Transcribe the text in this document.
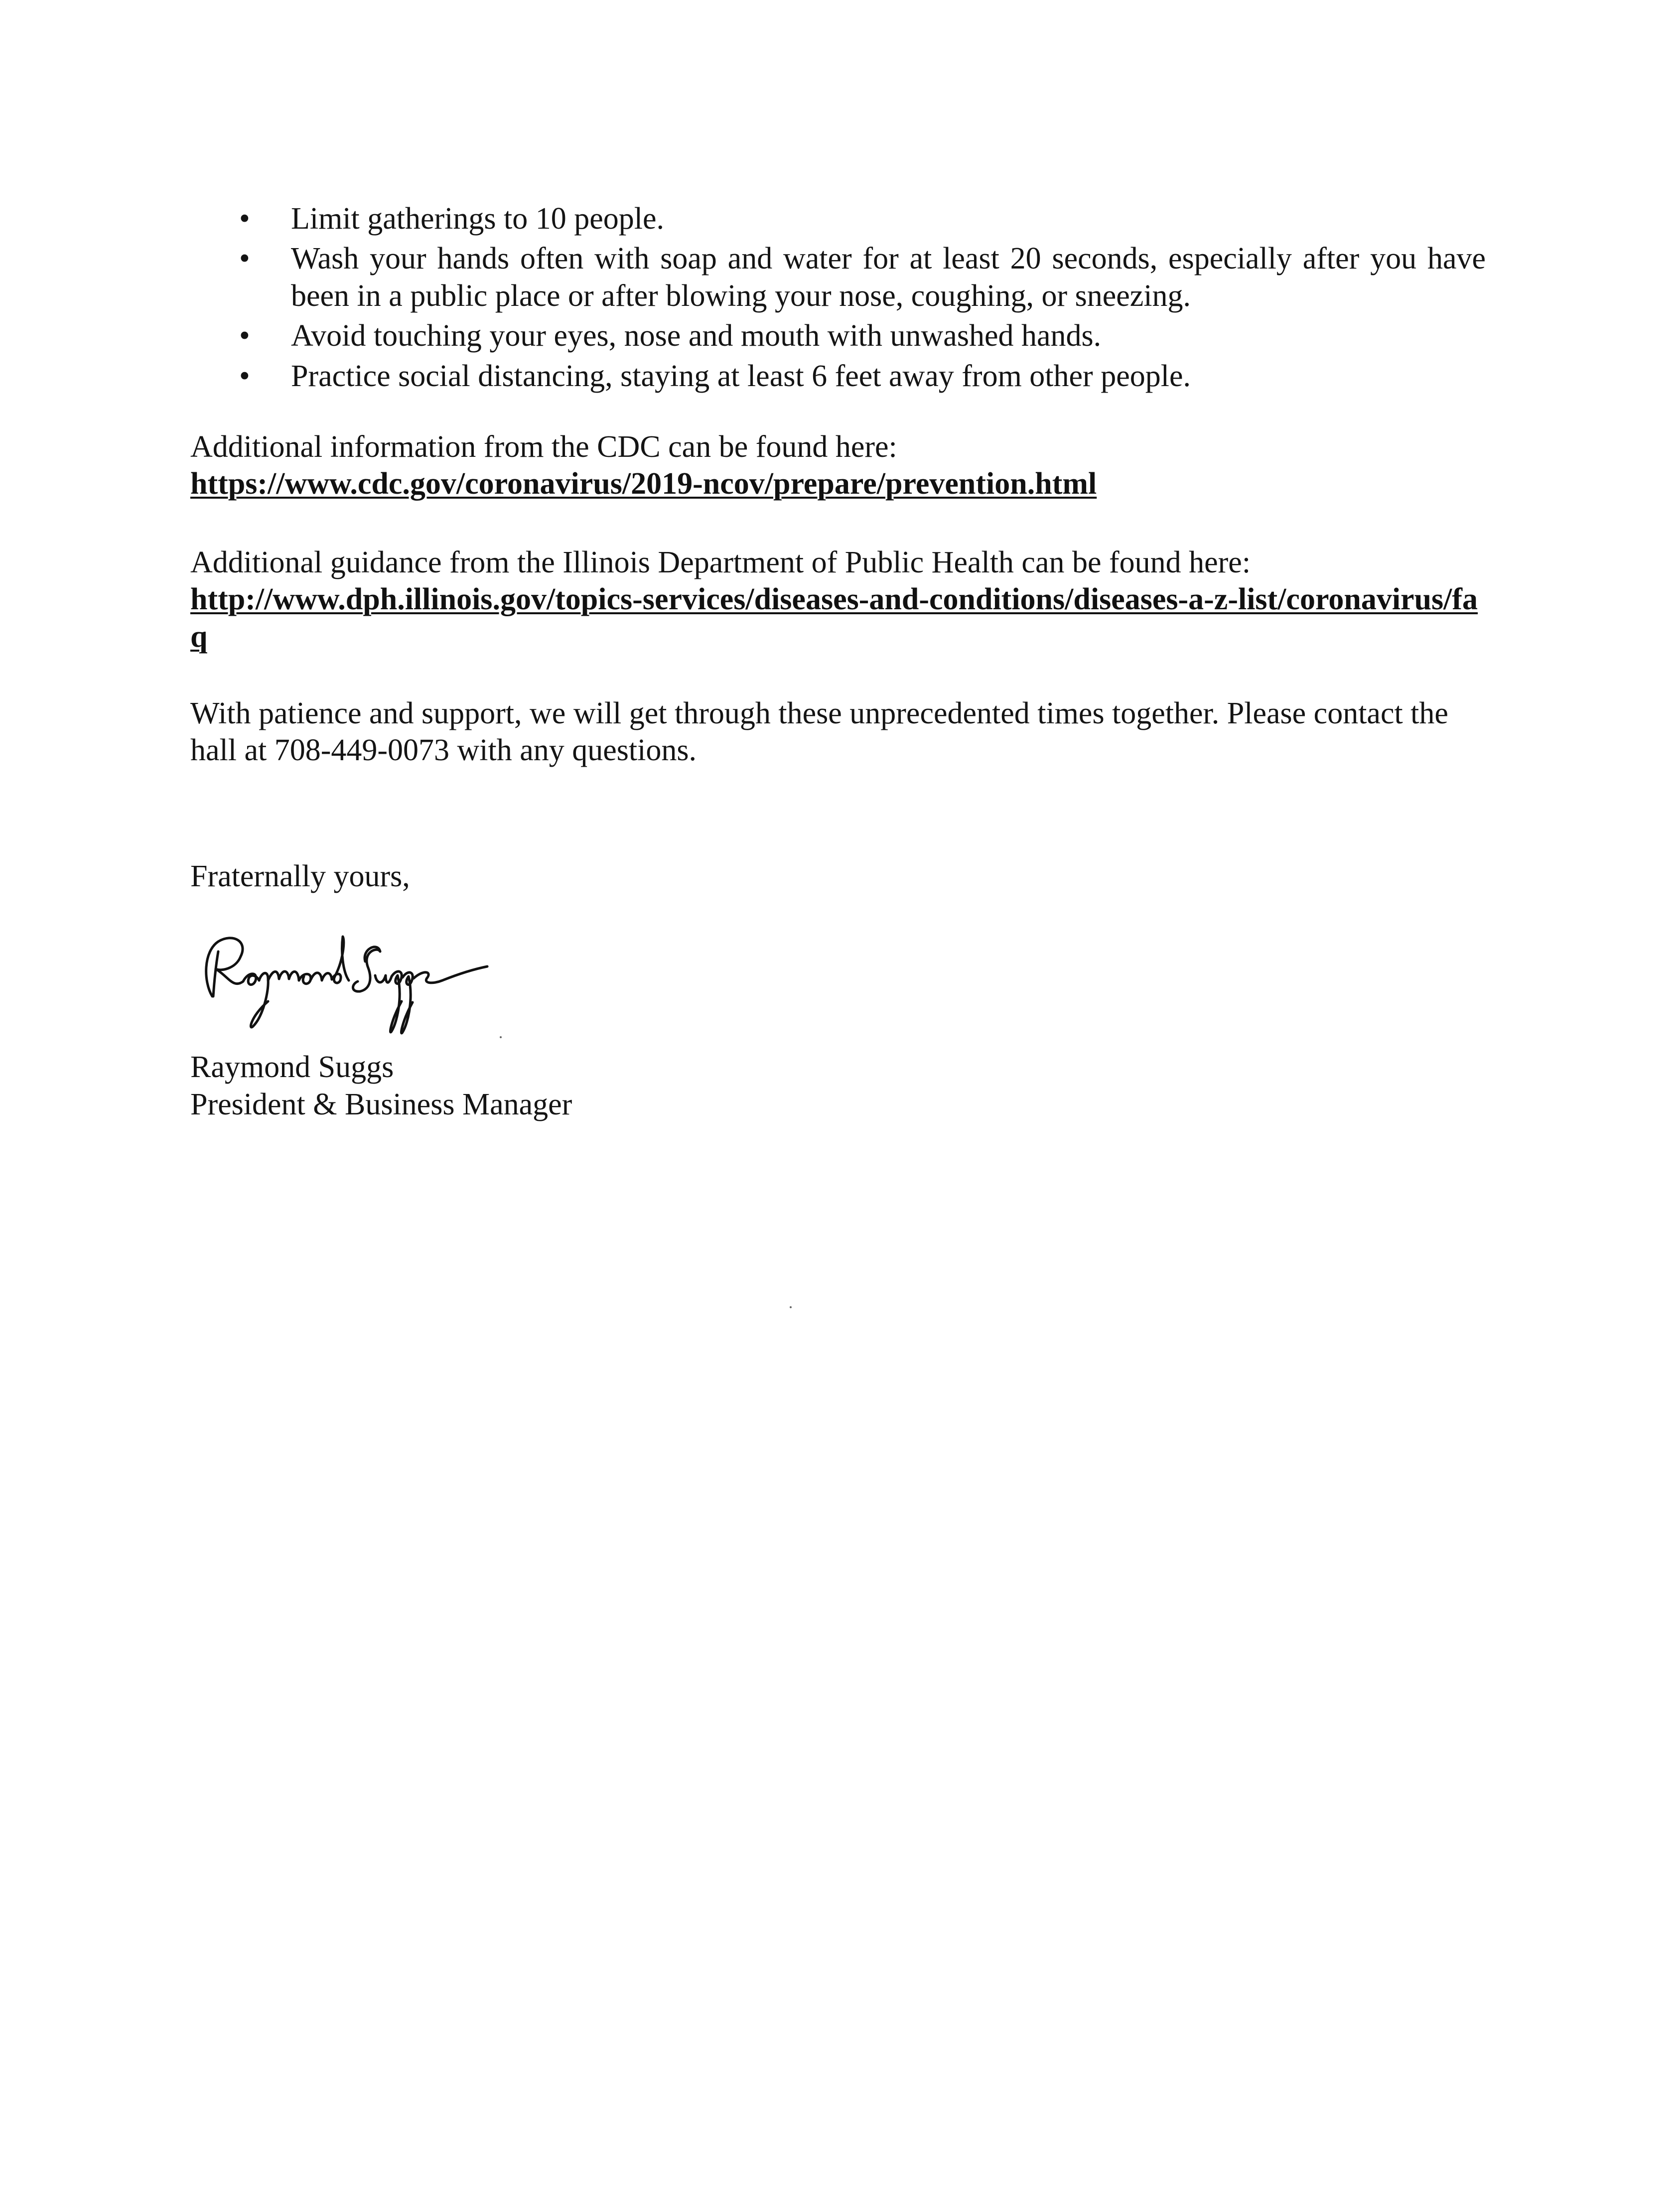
• Limit gatherings to 10 people.
• Wash your hands often with soap and water for at least 20 seconds, especially after you have been in a public place or after blowing your nose, coughing, or sneezing.
• Avoid touching your eyes, nose and mouth with unwashed hands.
• Practice social distancing, staying at least 6 feet away from other people.
Additional information from the CDC can be found here:
https://www.cdc.gov/coronavirus/2019-ncov/prepare/prevention.html
Additional guidance from the Illinois Department of Public Health can be found here:
http://www.dph.illinois.gov/topics-services/diseases-and-conditions/diseases-a-z-list/coronavirus/faq

With patience and support, we will get through these unprecedented times together. Please contact the hall at 708-449-0073 with any questions.

Fraternally yours,

Raymond Suggs

President & Business Manager
